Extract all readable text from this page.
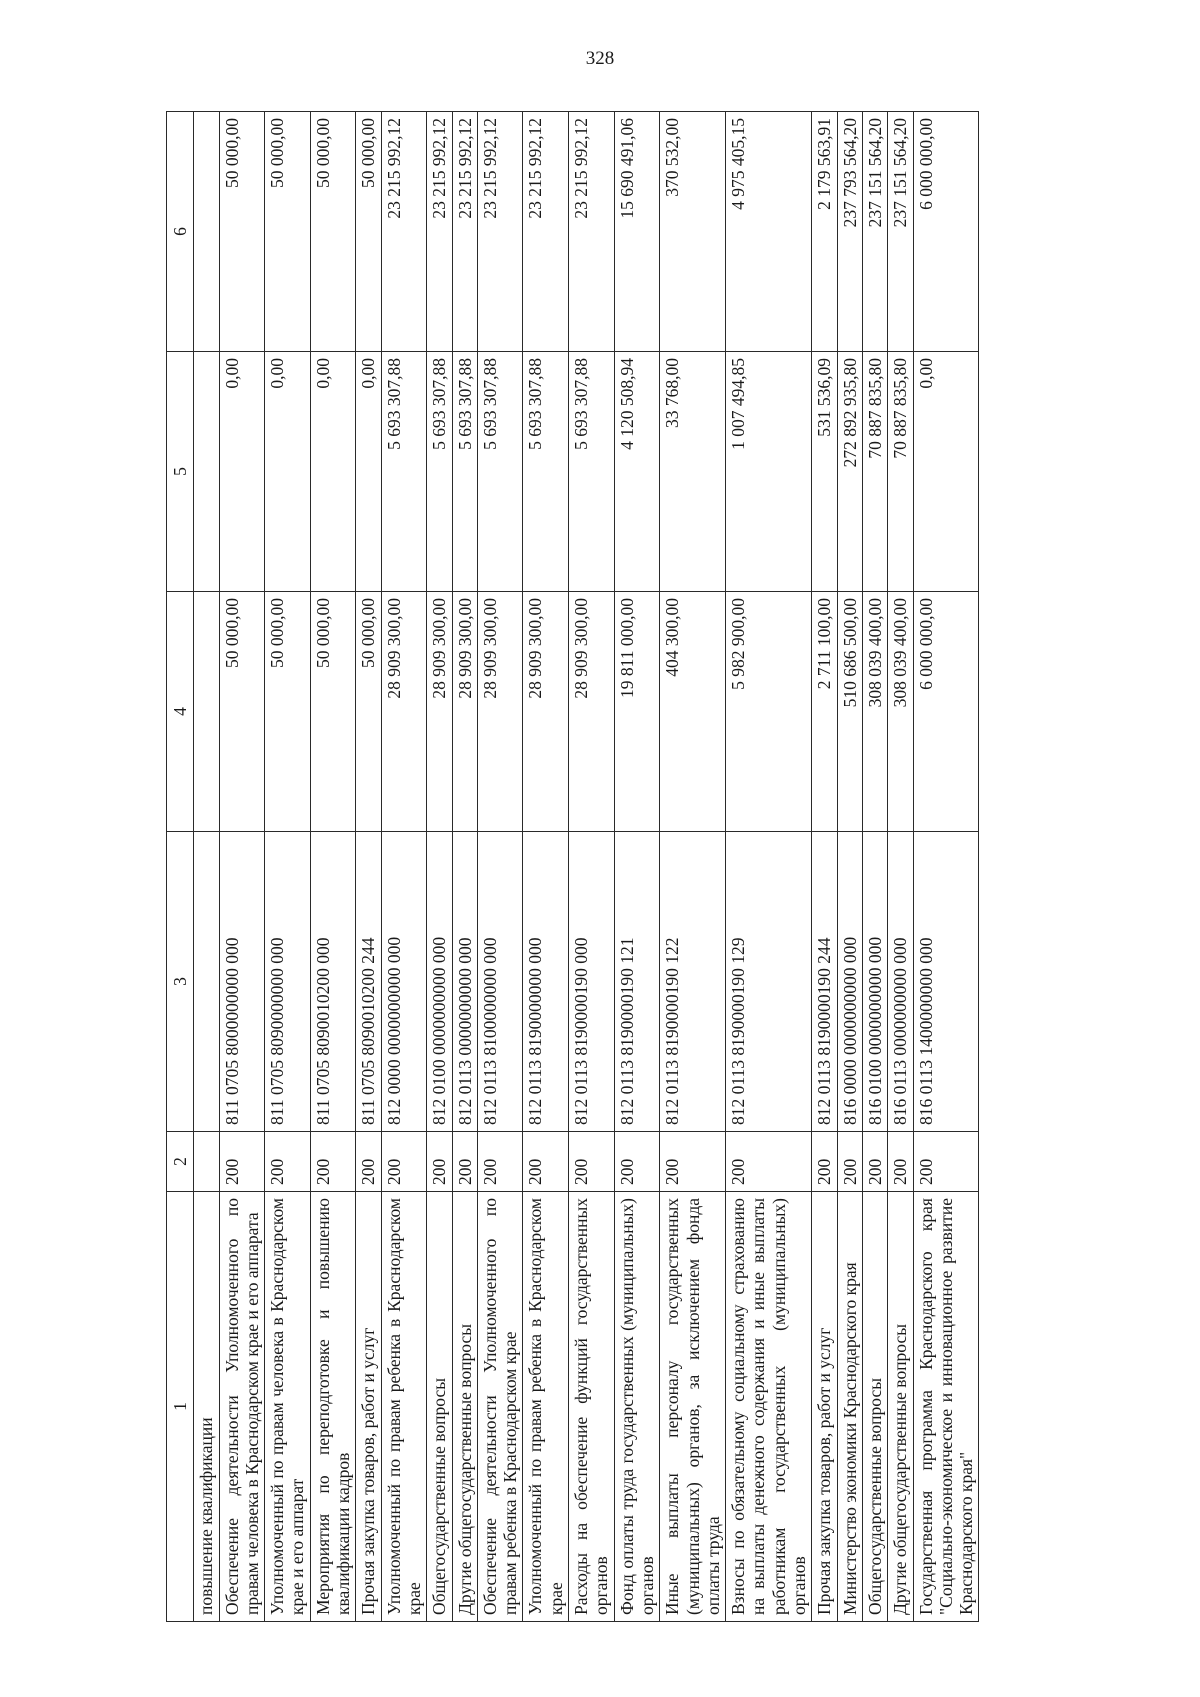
328
1	2	3	4	5	6
повышение квалификации					
Обеспечение деятельности Уполномоченного по правам человека в Краснодарском крае и его аппарата	200	811 0705 8000000000 000	50 000,00	0,00	50 000,00
Уполномоченный по правам человека в Краснодарском крае и его аппарат	200	811 0705 8090000000 000	50 000,00	0,00	50 000,00
Мероприятия по переподготовке и повышению квалификации кадров	200	811 0705 8090010200 000	50 000,00	0,00	50 000,00
Прочая закупка товаров, работ и услуг	200	811 0705 8090010200 244	50 000,00	0,00	50 000,00
Уполномоченный по правам ребенка в Краснодарском крае	200	812 0000 0000000000 000	28 909 300,00	5 693 307,88	23 215 992,12
Общегосударственные вопросы	200	812 0100 0000000000 000	28 909 300,00	5 693 307,88	23 215 992,12
Другие общегосударственные вопросы	200	812 0113 0000000000 000	28 909 300,00	5 693 307,88	23 215 992,12
Обеспечение деятельности Уполномоченного по правам ребенка в Краснодарском крае	200	812 0113 8100000000 000	28 909 300,00	5 693 307,88	23 215 992,12
Уполномоченный по правам ребенка в Краснодарском крае	200	812 0113 8190000000 000	28 909 300,00	5 693 307,88	23 215 992,12
Расходы на обеспечение функций государственных органов	200	812 0113 8190000190 000	28 909 300,00	5 693 307,88	23 215 992,12
Фонд оплаты труда государственных (муниципальных) органов	200	812 0113 8190000190 121	19 811 000,00	4 120 508,94	15 690 491,06
Иные выплаты персоналу государственных (муниципальных) органов, за исключением фонда оплаты труда	200	812 0113 8190000190 122	404 300,00	33 768,00	370 532,00
Взносы по обязательному социальному страхованию на выплаты денежного содержания и иные выплаты работникам государственных (муниципальных) органов	200	812 0113 8190000190 129	5 982 900,00	1 007 494,85	4 975 405,15
Прочая закупка товаров, работ и услуг	200	812 0113 8190000190 244	2 711 100,00	531 536,09	2 179 563,91
Министерство экономики Краснодарского края	200	816 0000 0000000000 000	510 686 500,00	272 892 935,80	237 793 564,20
Общегосударственные вопросы	200	816 0100 0000000000 000	308 039 400,00	70 887 835,80	237 151 564,20
Другие общегосударственные вопросы	200	816 0113 0000000000 000	308 039 400,00	70 887 835,80	237 151 564,20
Государственная программа Краснодарского края "Социально-экономическое и инновационное развитие Краснодарского края"	200	816 0113 1400000000 000	6 000 000,00	0,00	6 000 000,00
